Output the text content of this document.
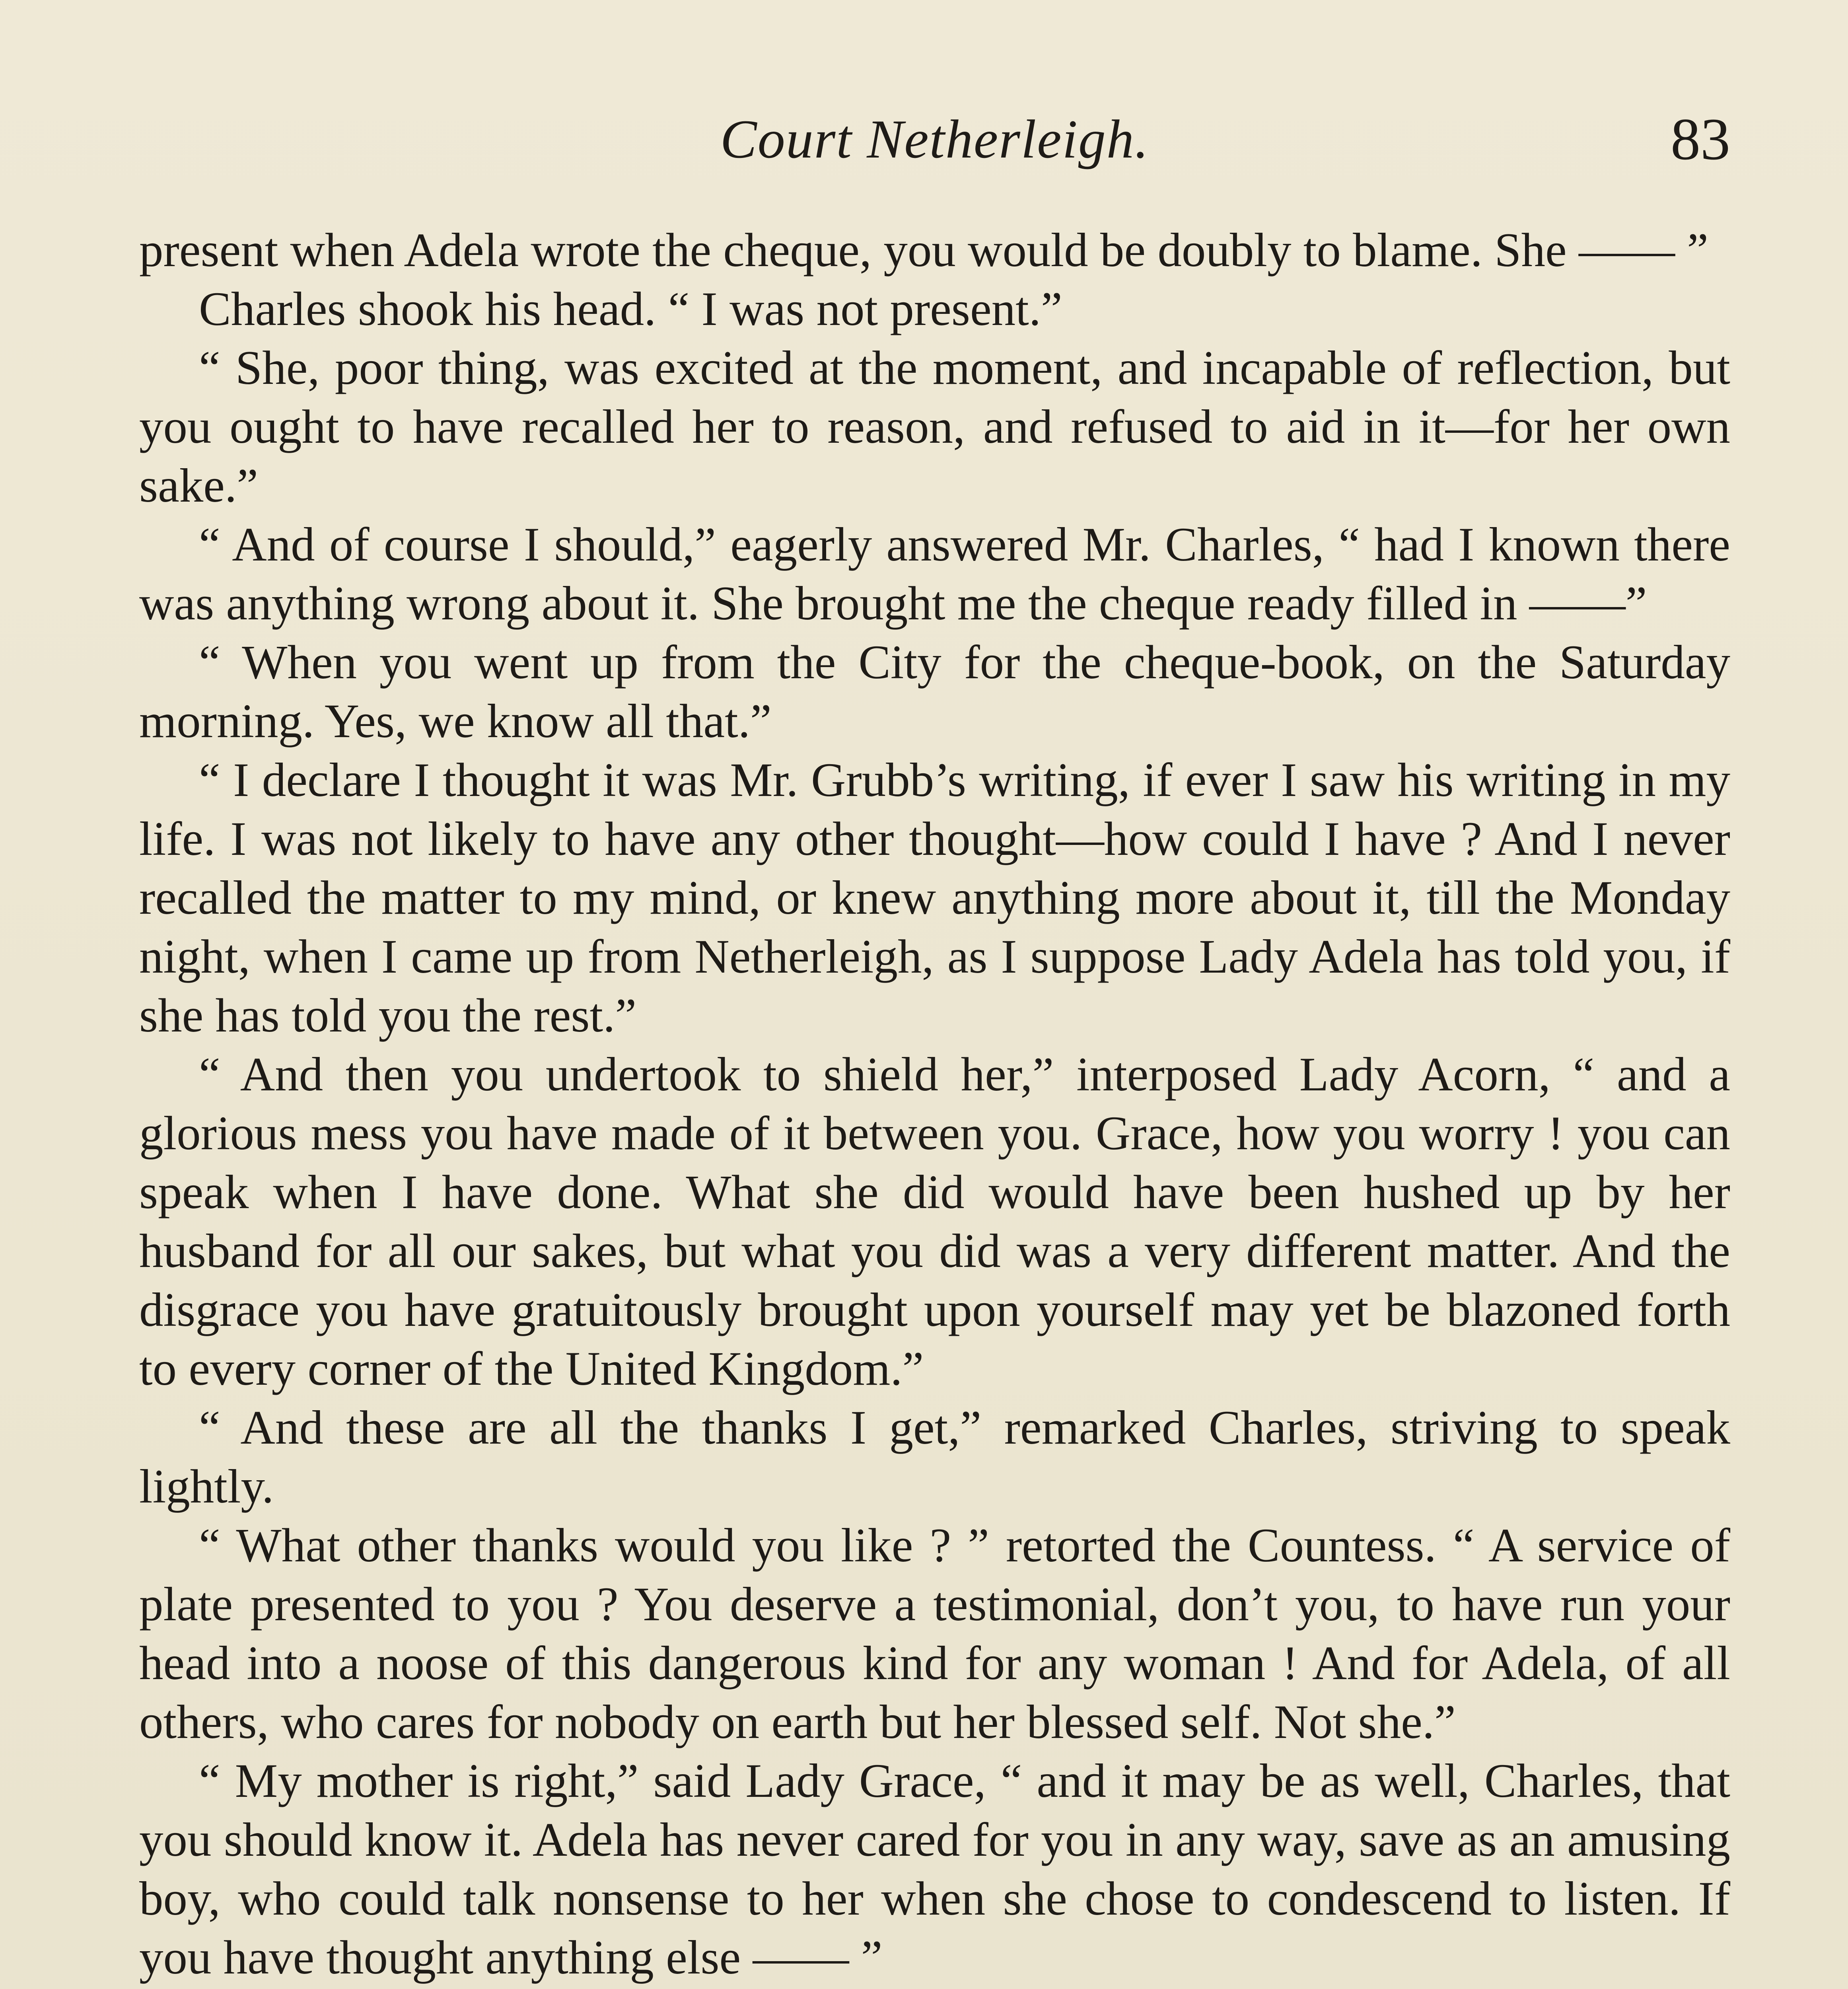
Court Netherleigh.	83

present when Adela wrote the cheque, you would be doubly to blame. She —— ”

Charles shook his head. “ I was not present.”

“ She, poor thing, was excited at the moment, and incapable of reflection, but you ought to have recalled her to reason, and refused to aid in it—for her own sake.”

“ And of course I should,” eagerly answered Mr. Charles, “ had I known there was anything wrong about it. She brought me the cheque ready filled in ——”

“ When you went up from the City for the cheque-book, on the Saturday morning. Yes, we know all that.”

“ I declare I thought it was Mr. Grubb’s writing, if ever I saw his writing in my life. I was not likely to have any other thought—how could I have ? And I never recalled the matter to my mind, or knew anything more about it, till the Monday night, when I came up from Netherleigh, as I suppose Lady Adela has told you, if she has told you the rest.”

“ And then you undertook to shield her,” interposed Lady Acorn, “ and a glorious mess you have made of it between you. Grace, how you worry ! you can speak when I have done. What she did would have been hushed up by her husband for all our sakes, but what you did was a very different matter. And the disgrace you have gratuitously brought upon yourself may yet be blazoned forth to every corner of the United Kingdom.”

“ And these are all the thanks I get,” remarked Charles, striving to speak lightly.

“ What other thanks would you like ? ” retorted the Countess. “ A service of plate presented to you ? You deserve a testimonial, don’t you, to have run your head into a noose of this dangerous kind for any woman ! And for Adela, of all others, who cares for nobody on earth but her blessed self. Not she.”

“ My mother is right,” said Lady Grace, “ and it may be as well, Charles, that you should know it. Adela has never cared for you in any way, save as an amusing boy, who could talk nonsense to her when she chose to condescend to listen. If you have thought anything else —— ”
